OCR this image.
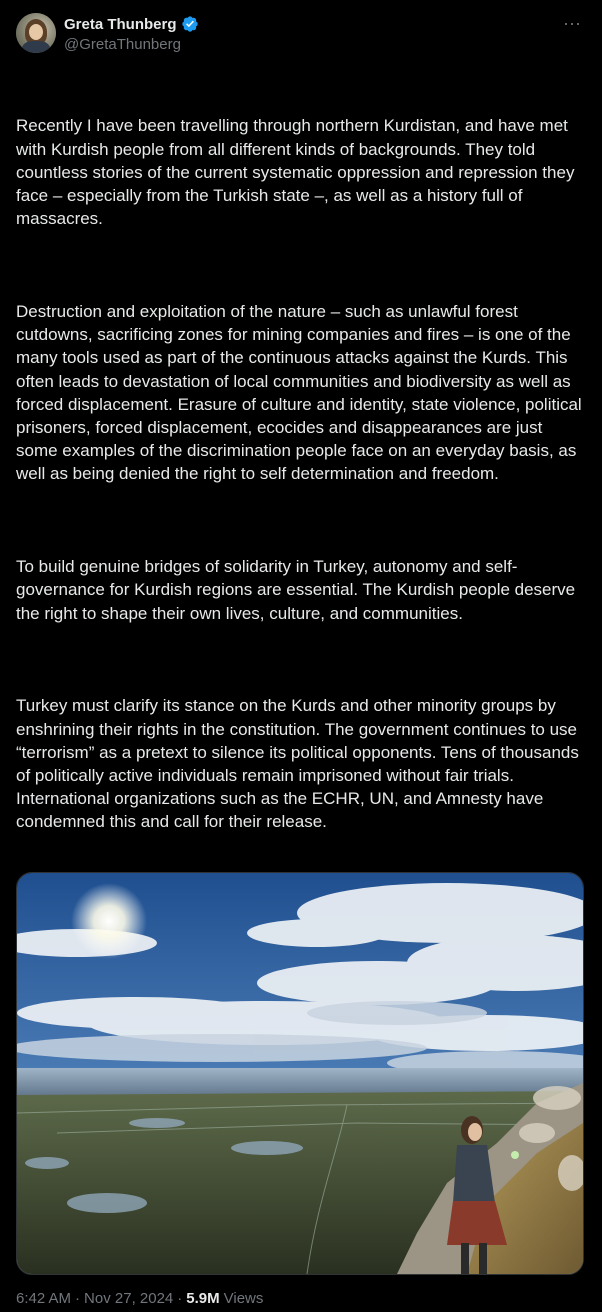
Greta Thunberg
@GretaThunberg
···

Recently I have been travelling through northern Kurdistan, and have met with Kurdish people from all different kinds of backgrounds. They told countless stories of the current systematic oppression and repression they face – especially from the Turkish state –, as well as a history full of massacres.

Destruction and exploitation of the nature – such as unlawful forest cutdowns, sacrificing zones for mining companies and fires – is one of the many tools used as part of the continuous attacks against the Kurds. This often leads to devastation of local communities and biodiversity as well as forced displacement. Erasure of culture and identity, state violence, political prisoners, forced displacement, ecocides and disappearances are just some examples of the discrimination people face on an everyday basis, as well as being denied the right to self determination and freedom.

To build genuine bridges of solidarity in Turkey, autonomy and self-governance for Kurdish regions are essential. The Kurdish people deserve the right to shape their own lives, culture, and communities.

Turkey must clarify its stance on the Kurds and other minority groups by enshrining their rights in the constitution. The government continues to use “terrorism” as a pretext to silence its political opponents. Tens of thousands of politically active individuals remain imprisoned without fair trials. International organizations such as the ECHR, UN, and Amnesty have condemned this and call for their release.

6:42 AM · Nov 27, 2024 · 5.9M Views
